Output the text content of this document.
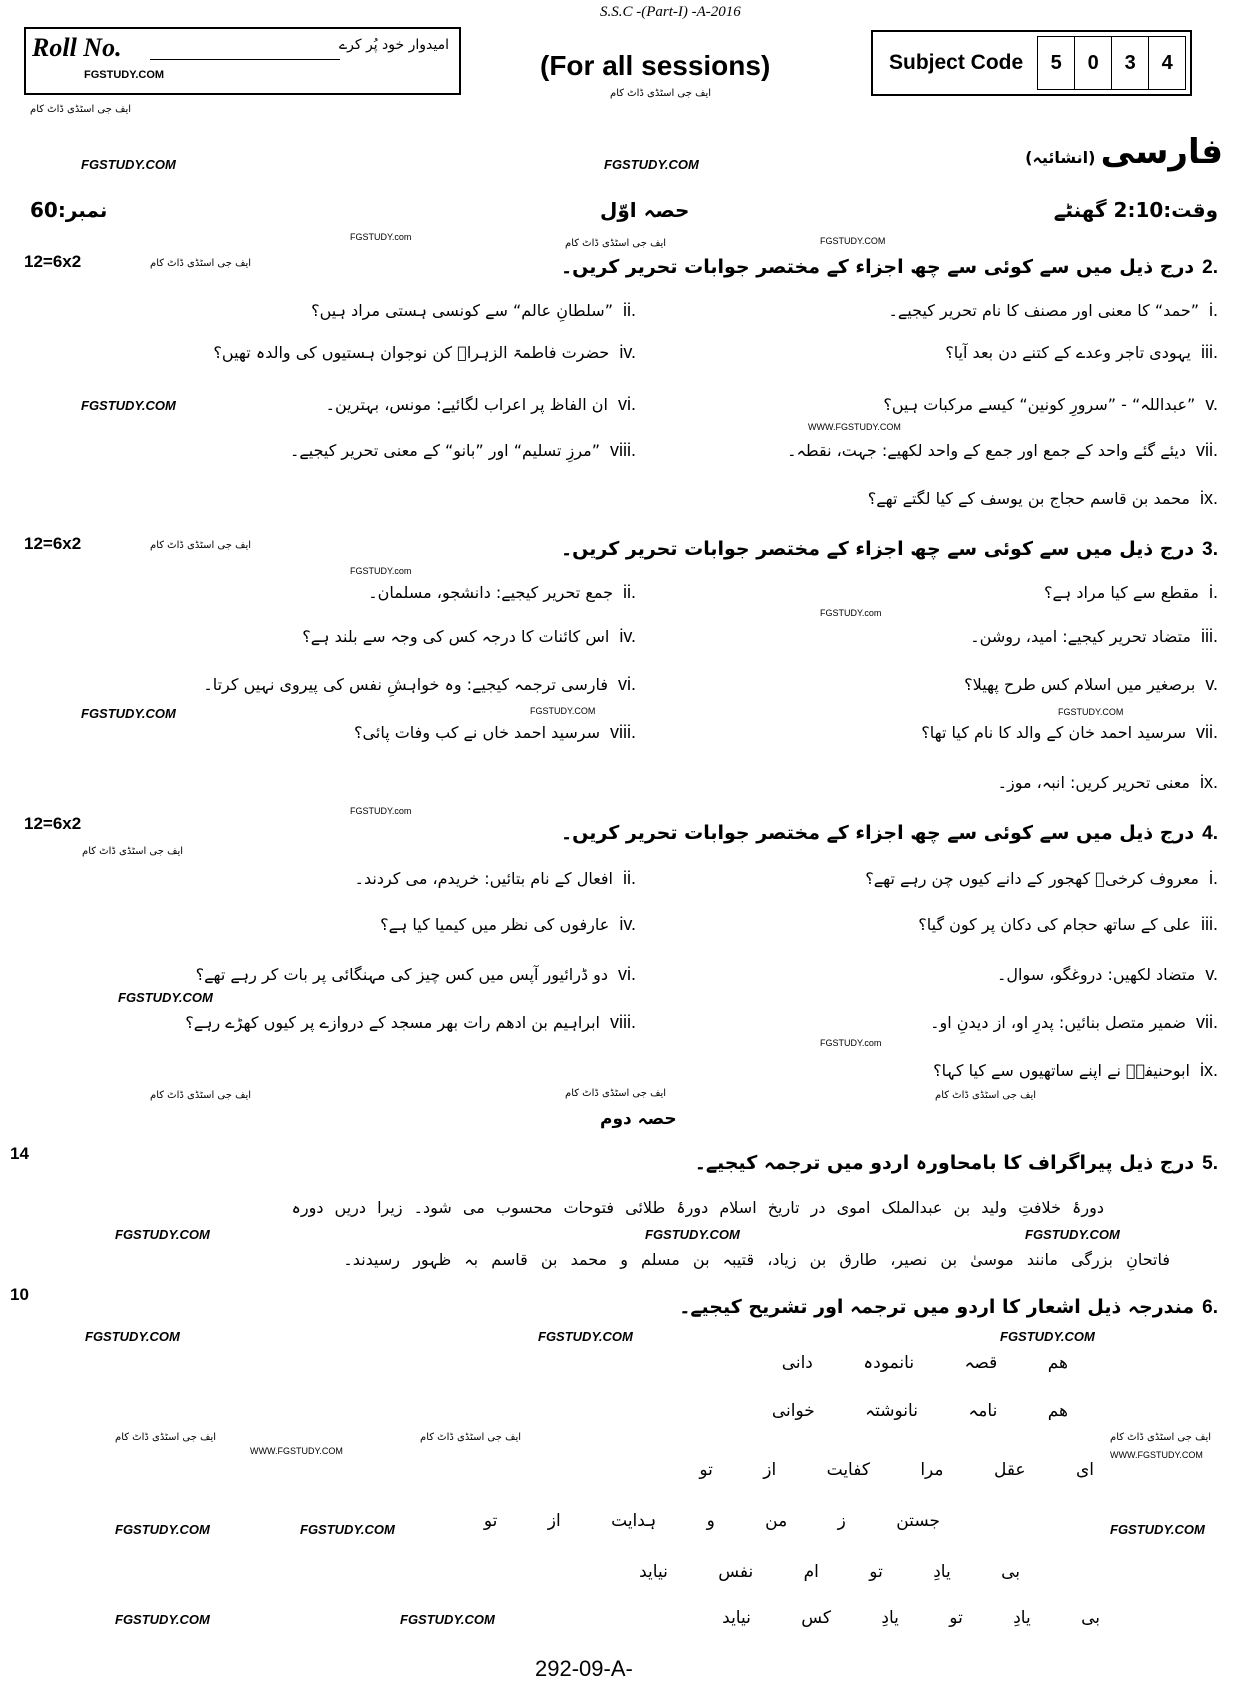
S.S.C -(Part-I) -A-2016
Roll No.	امیدوار خود پُر کرے
FGSTUDY.COM
ایف جی اسٹڈی ڈاٹ کام
(For all sessions)
ایف جی اسٹڈی ڈاٹ کام
Subject Code	5	0	3	4
فارسی (انشائیہ)
FGSTUDY.COM	FGSTUDY.COM
نمبر:60	حصہ اوّل	وقت:2:10 گھنٹے
FGSTUDY.com	FGSTUDY.COM
12=6x2	ایف جی اسٹڈی ڈاٹ کام
ایف جی اسٹڈی ڈاٹ کام
2.درج ذیل میں سے کوئی سے چھ اجزاء کے مختصر جوابات تحریر کریں۔
i.”حمد“ کا معنی اور مصنف کا نام تحریر کیجیے۔
ii.”سلطانِ عالم“ سے کونسی ہستی مراد ہیں؟
iii.یہودی تاجر وعدے کے کتنے دن بعد آیا؟
iv.حضرت فاطمۃ الزہراؓ کن نوجوان ہستیوں کی والدہ تھیں؟
v.”عبداللہ“ - ”سرورِ کونین“ کیسے مرکبات ہیں؟
vi.ان الفاظ پر اعراب لگائیے: مونس، بہترین۔
FGSTUDY.COM
WWW.FGSTUDY.COM
vii.دیئے گئے واحد کے جمع اور جمع کے واحد لکھیے: جہت، نقطہ۔
viii.”مرزِ تسلیم“ اور ”بانو“ کے معنی تحریر کیجیے۔
ix.محمد بن قاسم حجاج بن یوسف کے کیا لگتے تھے؟
12=6x2	ایف جی اسٹڈی ڈاٹ کام	3.درج ذیل میں سے کوئی سے چھ اجزاء کے مختصر جوابات تحریر کریں۔
FGSTUDY.com
i.مقطع سے کیا مراد ہے؟
ii.جمع تحریر کیجیے: دانشجو، مسلمان۔
FGSTUDY.com
iii.متضاد تحریر کیجیے: امید، روشن۔
iv.اس کائنات کا درجہ کس کی وجہ سے بلند ہے؟
v.برصغیر میں اسلام کس طرح پھیلا؟
vi.فارسی ترجمہ کیجیے: وہ خواہشِ نفس کی پیروی نہیں کرتا۔
FGSTUDY.COM	FGSTUDY.COM	FGSTUDY.COM
vii.سرسید احمد خان کے والد کا نام کیا تھا؟
viii.سرسید احمد خاں نے کب وفات پائی؟
ix.معنی تحریر کریں: انبہ، موز۔
FGSTUDY.com
12=6x2
ایف جی اسٹڈی ڈاٹ کام
4.درج ذیل میں سے کوئی سے چھ اجزاء کے مختصر جوابات تحریر کریں۔
i.معروف کرخیؒ کھجور کے دانے کیوں چن رہے تھے؟
ii.افعال کے نام بتائیں: خریدم، می کردند۔
iii.علی کے ساتھ حجام کی دکان پر کون گیا؟
iv.عارفوں کی نظر میں کیمیا کیا ہے؟
FGSTUDY.COM
v.متضاد لکھیں: دروغگو، سوال۔
vi.دو ڈرائیور آپس میں کس چیز کی مہنگائی پر بات کر رہے تھے؟
vii.ضمیر متصل بنائیں: پدرِ او، از دیدنِ او۔
viii.ابراہیم بن ادھم رات بھر مسجد کے دروازے پر کیوں کھڑے رہے؟
FGSTUDY.com
ix.ابوحنیفہؒ نے اپنے ساتھیوں سے کیا کہا؟
ایف جی اسٹڈی ڈاٹ کام	ایف جی اسٹڈی ڈاٹ کام	ایف جی اسٹڈی ڈاٹ کام
حصہ دوم
14	5.درج ذیل پیراگراف کا بامحاورہ اردو میں ترجمہ کیجیے۔
دورۂ خلافتِ ولید بن عبدالملک اموی در تاریخ اسلام دورۂ طلائی فتوحات محسوب می شود۔ زیرا دریں دورہ
FGSTUDY.COM	FGSTUDY.COM	FGSTUDY.COM
فاتحانِ بزرگی مانند موسیٰ بن نصیر، طارق بن زیاد، قتیبہ بن مسلم و محمد بن قاسم بہ ظہور رسیدند۔
10
6.مندرجہ ذیل اشعار کا اردو میں ترجمہ اور تشریح کیجیے۔
FGSTUDY.COM	FGSTUDY.COM	FGSTUDY.COM
ھم قصہ نانمودہ دانی
ھم نامہ نانوشتہ خوانی
ایف جی اسٹڈی ڈاٹ کام	ایف جی اسٹڈی ڈاٹ کام	ایف جی اسٹڈی ڈاٹ کام
WWW.FGSTUDY.COM	WWW.FGSTUDY.COM
ای عقل مرا کفایت از تو
FGSTUDY.COM	FGSTUDY.COM	FGSTUDY.COM
جستن ز من و ہدایت از تو
بی یادِ تو ام نفس نیاید
FGSTUDY.COM	FGSTUDY.COM	بی یادِ تو یادِ کس نیاید
292-09-A-
